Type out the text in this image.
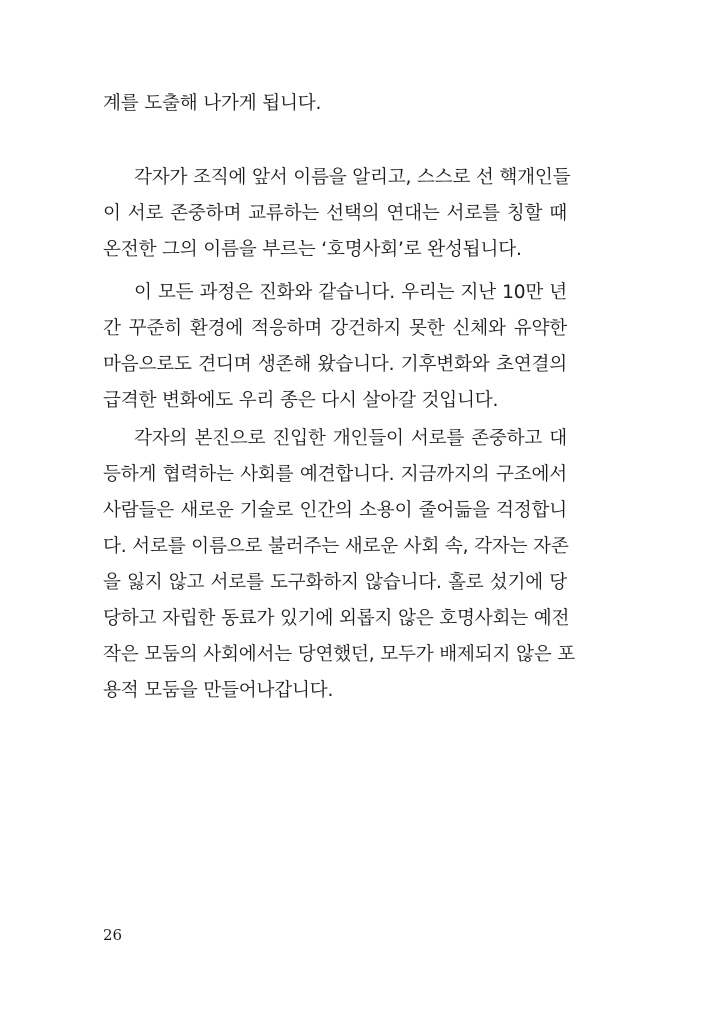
계를 도출해 나가게 됩니다.
각자가 조직에 앞서 이름을 알리고, 스스로 선 핵개인들
이 서로 존중하며 교류하는 선택의 연대는 서로를 칭할 때
온전한 그의 이름을 부르는 ‘호명사회’로 완성됩니다.
이 모든 과정은 진화와 같습니다. 우리는 지난 10만 년
간 꾸준히 환경에 적응하며 강건하지 못한 신체와 유약한
마음으로도 견디며 생존해 왔습니다. 기후변화와 초연결의
급격한 변화에도 우리 종은 다시 살아갈 것입니다.
각자의 본진으로 진입한 개인들이 서로를 존중하고 대
등하게 협력하는 사회를 예견합니다. 지금까지의 구조에서
사람들은 새로운 기술로 인간의 소용이 줄어듦을 걱정합니
다. 서로를 이름으로 불러주는 새로운 사회 속, 각자는 자존
을 잃지 않고 서로를 도구화하지 않습니다. 홀로 섰기에 당
당하고 자립한 동료가 있기에 외롭지 않은 호명사회는 예전
작은 모둠의 사회에서는 당연했던, 모두가 배제되지 않은 포
용적 모둠을 만들어나갑니다.
26
